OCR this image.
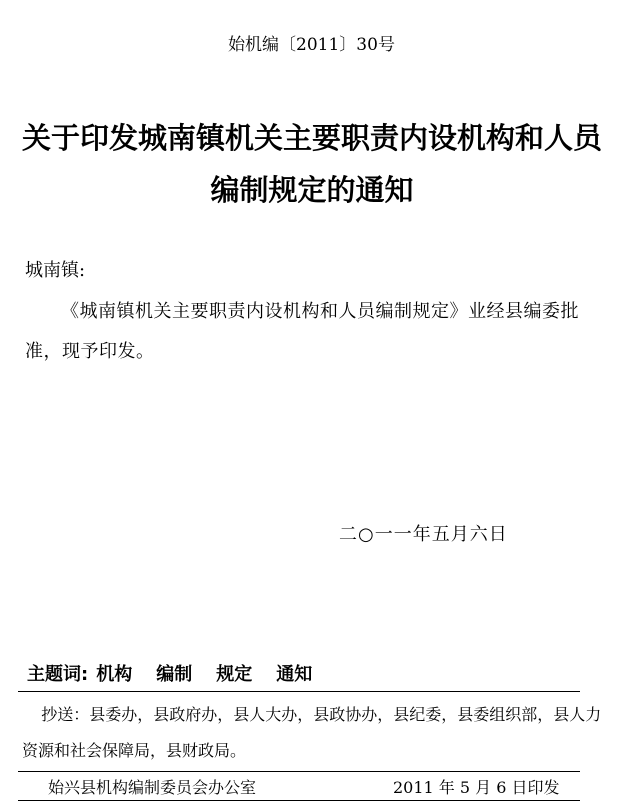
始机编〔2011〕30号
关于印发城南镇机关主要职责内设机构和人员编制规定的通知
城南镇:
《城南镇机关主要职责内设机构和人员编制规定》业经县编委批准，现予印发。
二○一一年五月六日
主题词: 机构 编制 规定 通知
抄送：县委办，县政府办，县人大办，县政协办，县纪委，县委组织部，县人力资源和社会保障局，县财政局。
始兴县机构编制委员会办公室	2011 年 5 月 6 日印发
